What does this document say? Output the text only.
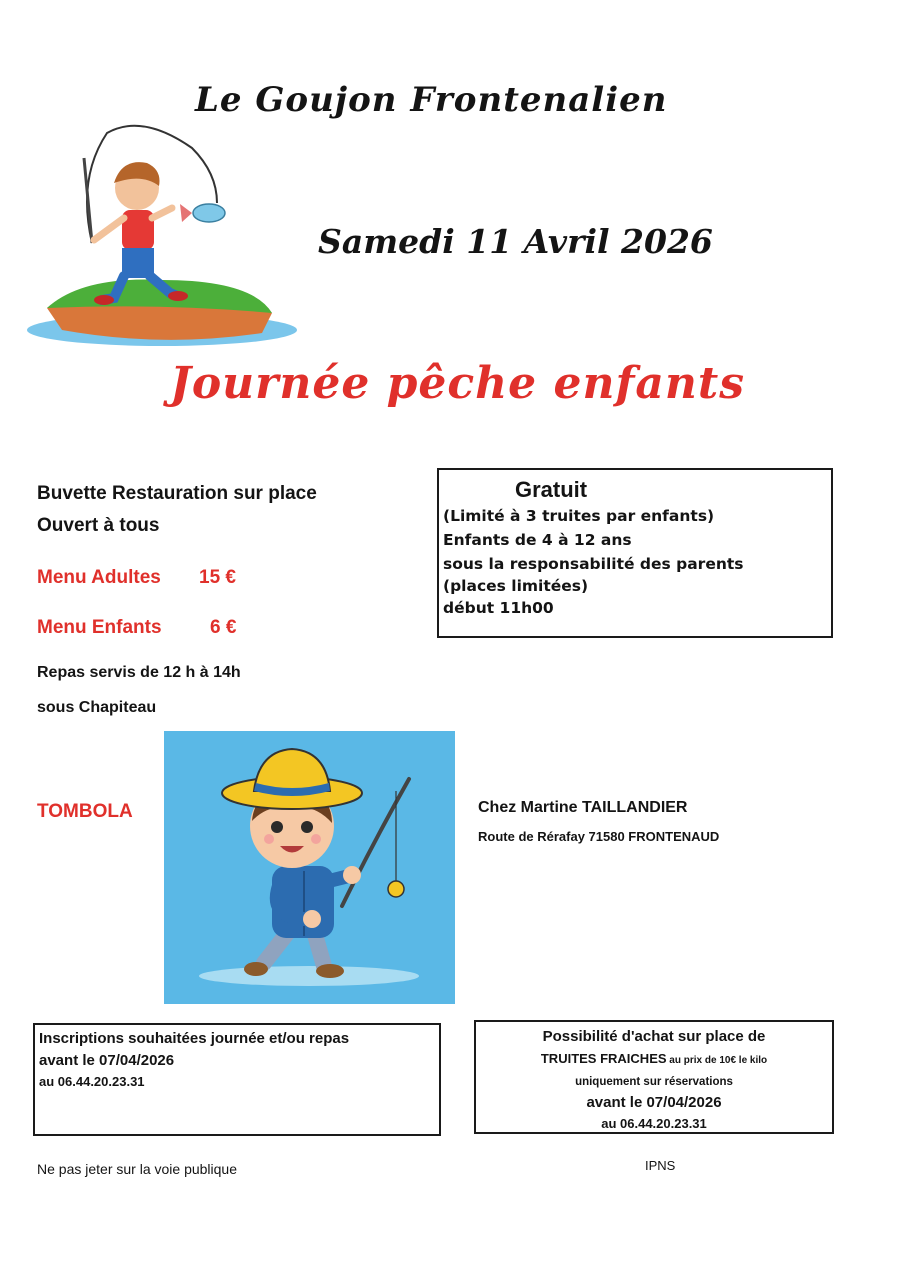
Le Goujon Frontenalien
Samedi 11 Avril 2026
Journée pêche enfants
Buvette Restauration sur place
Ouvert à tous
Menu Adultes 15 €
Menu Enfants	6 €
Repas servis de 12 h à 14h
sous Chapiteau
TOMBOLA
Gratuit
(Limité à 3 truites par enfants)
Enfants de 4 à 12 ans
sous la responsabilité des parents
(places limitées)
début 11h00
Chez Martine TAILLANDIER
Route de Rérafay 71580 FRONTENAUD
Inscriptions souhaitées journée et/ou repas
avant le 07/04/2026
au 06.44.20.23.31
Possibilité d'achat sur place de
TRUITES FRAICHES au prix de 10€ le kilo
uniquement sur réservations
avant le 07/04/2026
au 06.44.20.23.31
Ne pas jeter sur la voie publique	IPNS
